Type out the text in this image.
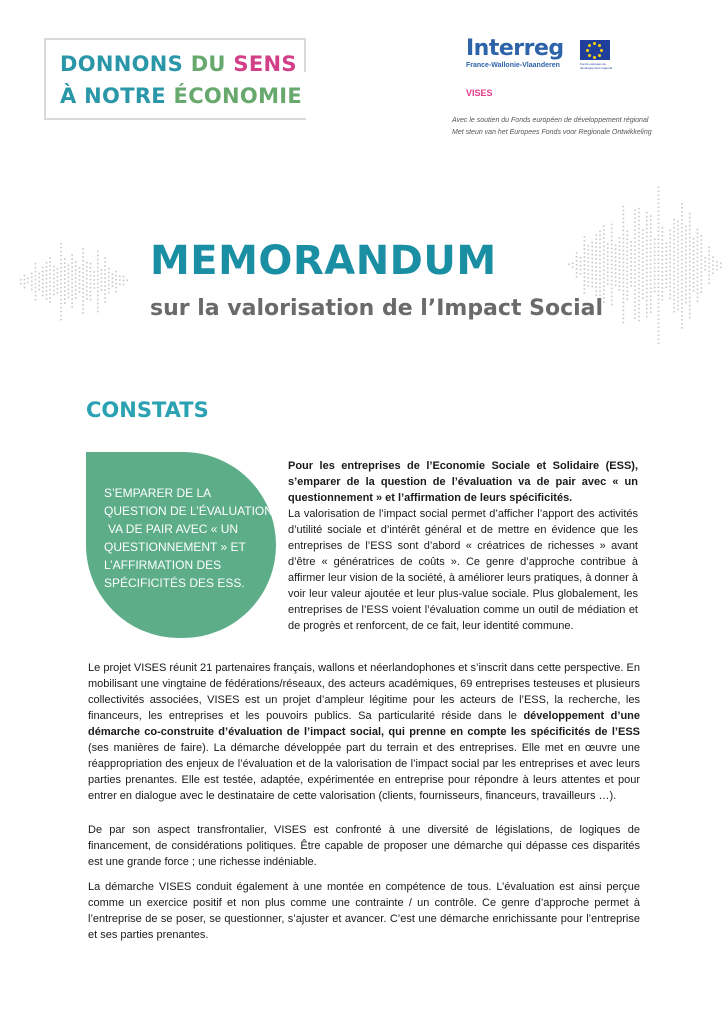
DONNONS DU SENS
À NOTRE ÉCONOMIE
Interreg
Fonds européen de développement régional
France-Wallonie-Vlaanderen
VISES
Avec le soutien du Fonds européen de développement régional
Met steun van het Europees Fonds voor Regionale Ontwikkeling
MEMORANDUM
sur la valorisation de l’Impact Social
CONSTATS
S’EMPARER DE LA
QUESTION DE L’ÉVALUATION
VA DE PAIR AVEC « UN
QUESTIONNEMENT » ET
L’AFFIRMATION DES
SPÉCIFICITÉS DES ESS.
Pour les entreprises de l’Economie Sociale et Solidaire (ESS), s’emparer de la question de l’évaluation va de pair avec « un questionnement » et l’affirmation de leurs spécificités.
La valorisation de l’impact social permet d’afficher l’apport des activités d’utilité sociale et d’intérêt général et de mettre en évidence que les entreprises de l’ESS sont d’abord « créatrices de richesses » avant d’être « génératrices de coûts ». Ce genre d’approche contribue à affirmer leur vision de la société, à améliorer leurs pratiques, à donner à voir leur valeur ajoutée et leur plus-value sociale. Plus globalement, les entreprises de l’ESS voient l’évaluation comme un outil de médiation et de progrès et renforcent, de ce fait, leur identité commune.
Le projet VISES réunit 21 partenaires français, wallons et néerlandophones et s’inscrit dans cette perspective. En mobilisant une vingtaine de fédérations/réseaux, des acteurs académiques, 69 entreprises testeuses et plusieurs collectivités associées, VISES est un projet d’ampleur légitime pour les acteurs de l’ESS, la recherche, les financeurs, les entreprises et les pouvoirs publics. Sa particularité réside dans le développement d’une démarche co-construite d’évaluation de l’impact social, qui prenne en compte les spécificités de l’ESS (ses manières de faire). La démarche développée part du terrain et des entreprises. Elle met en œuvre une réappropriation des enjeux de l’évaluation et de la valorisation de l’impact social par les entreprises et avec leurs parties prenantes. Elle est testée, adaptée, expérimentée en entreprise pour répondre à leurs attentes et pour entrer en dialogue avec le destinataire de cette valorisation (clients, fournisseurs, financeurs, travailleurs …).
De par son aspect transfrontalier, VISES est confronté à une diversité de législations, de logiques de financement, de considérations politiques. Être capable de proposer une démarche qui dépasse ces disparités est une grande force ; une richesse indéniable.
La démarche VISES conduit également à une montée en compétence de tous. L’évaluation est ainsi perçue comme un exercice positif et non plus comme une contrainte / un contrôle. Ce genre d’approche permet à l’entreprise de se poser, se questionner, s’ajuster et avancer. C’est une démarche enrichissante pour l’entreprise et ses parties prenantes.
